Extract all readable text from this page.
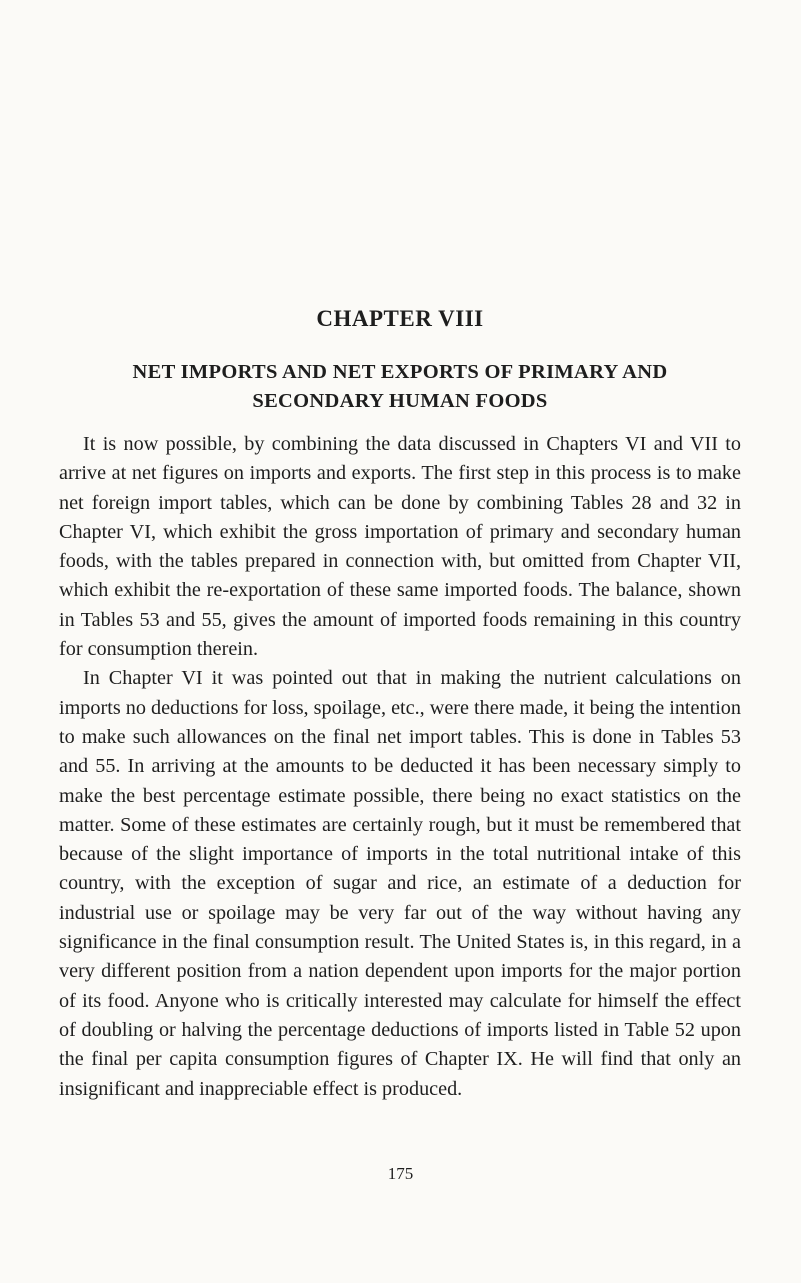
CHAPTER VIII
NET IMPORTS AND NET EXPORTS OF PRIMARY AND
SECONDARY HUMAN FOODS

It is now possible, by combining the data discussed in Chapters VI and VII to arrive at net figures on imports and exports. The first step in this process is to make net foreign import tables, which can be done by combining Tables 28 and 32 in Chapter VI, which exhibit the gross importation of primary and secondary human foods, with the tables prepared in connection with, but omitted from Chapter VII, which exhibit the re-exportation of these same imported foods. The balance, shown in Tables 53 and 55, gives the amount of imported foods remaining in this country for consumption therein.

In Chapter VI it was pointed out that in making the nutrient calculations on imports no deductions for loss, spoilage, etc., were there made, it being the intention to make such allowances on the final net import tables. This is done in Tables 53 and 55. In arriving at the amounts to be deducted it has been necessary simply to make the best percentage estimate possible, there being no exact statistics on the matter. Some of these estimates are certainly rough, but it must be remembered that because of the slight importance of imports in the total nutritional intake of this country, with the exception of sugar and rice, an estimate of a deduction for industrial use or spoilage may be very far out of the way without having any significance in the final consumption result. The United States is, in this regard, in a very different position from a nation dependent upon imports for the major portion of its food. Anyone who is critically interested may calculate for himself the effect of doubling or halving the percentage deductions of imports listed in Table 52 upon the final per capita consumption figures of Chapter IX. He will find that only an insignificant and inappreciable effect is produced.

175
